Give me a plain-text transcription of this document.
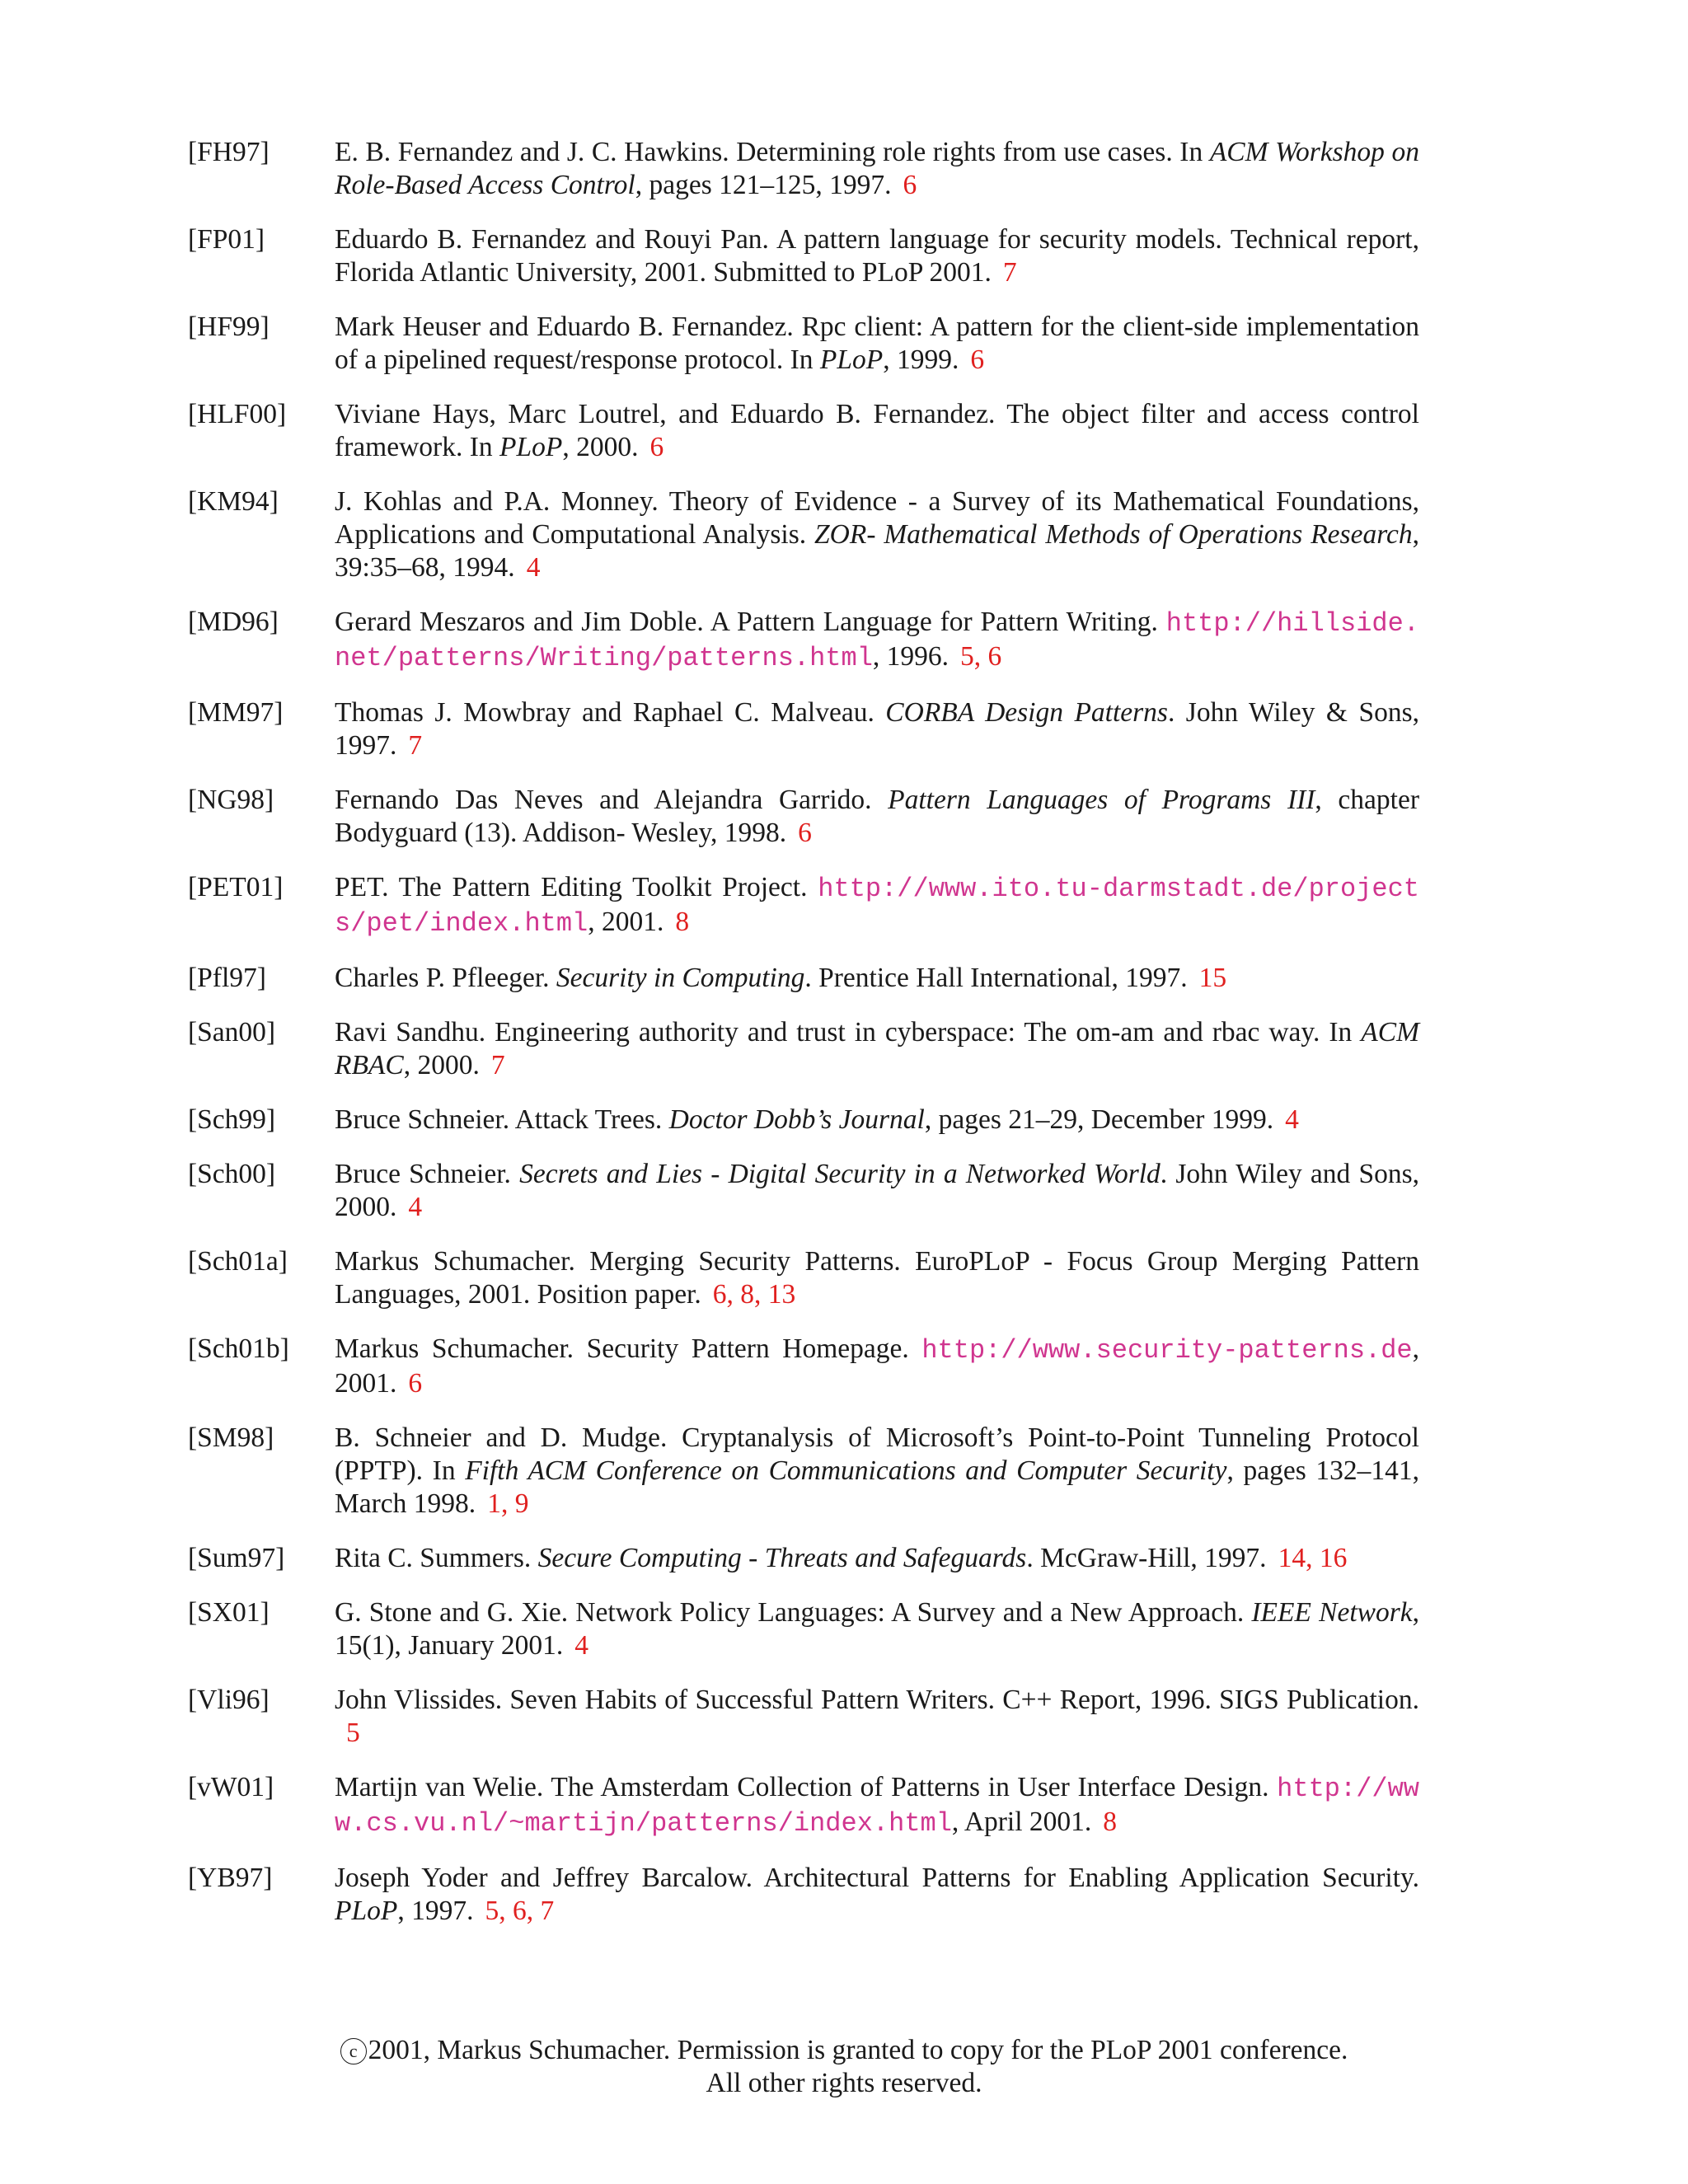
[FH97]	E. B. Fernandez and J. C. Hawkins. Determining role rights from use cases. In ACM Workshop on Role-Based Access Control, pages 121–125, 1997. 6
[FP01]	Eduardo B. Fernandez and Rouyi Pan. A pattern language for security models. Technical report, Florida Atlantic University, 2001. Submitted to PLoP 2001. 7
[HF99]	Mark Heuser and Eduardo B. Fernandez. Rpc client: A pattern for the client-side implementation of a pipelined request/response protocol. In PLoP, 1999. 6
[HLF00]	Viviane Hays, Marc Loutrel, and Eduardo B. Fernandez. The object filter and access control framework. In PLoP, 2000. 6
[KM94]	J. Kohlas and P.A. Monney. Theory of Evidence - a Survey of its Mathematical Foundations, Applications and Computational Analysis. ZOR- Mathematical Methods of Operations Research, 39:35–68, 1994. 4
[MD96]	Gerard Meszaros and Jim Doble. A Pattern Language for Pattern Writing. http://hillside.net/patterns/Writing/patterns.html, 1996. 5, 6
[MM97]	Thomas J. Mowbray and Raphael C. Malveau. CORBA Design Patterns. John Wiley & Sons, 1997. 7
[NG98]	Fernando Das Neves and Alejandra Garrido. Pattern Languages of Programs III, chapter Bodyguard (13). Addison- Wesley, 1998. 6
[PET01]	PET. The Pattern Editing Toolkit Project. http://www.ito.tu-darmstadt.de/projects/pet/index.html, 2001. 8
[Pfl97]	Charles P. Pfleeger. Security in Computing. Prentice Hall International, 1997. 15
[San00]	Ravi Sandhu. Engineering authority and trust in cyberspace: The om-am and rbac way. In ACM RBAC, 2000. 7
[Sch99]	Bruce Schneier. Attack Trees. Doctor Dobb’s Journal, pages 21–29, December 1999. 4
[Sch00]	Bruce Schneier. Secrets and Lies - Digital Security in a Networked World. John Wiley and Sons, 2000. 4
[Sch01a]	Markus Schumacher. Merging Security Patterns. EuroPLoP - Focus Group Merging Pattern Languages, 2001. Position paper. 6, 8, 13
[Sch01b]	Markus Schumacher. Security Pattern Homepage. http://www.security-patterns.de, 2001. 6
[SM98]	B. Schneier and D. Mudge. Cryptanalysis of Microsoft’s Point-to-Point Tunneling Protocol (PPTP). In Fifth ACM Conference on Communications and Computer Security, pages 132–141, March 1998. 1, 9
[Sum97]	Rita C. Summers. Secure Computing - Threats and Safeguards. McGraw-Hill, 1997. 14, 16
[SX01]	G. Stone and G. Xie. Network Policy Languages: A Survey and a New Approach. IEEE Network, 15(1), January 2001. 4
[Vli96]	John Vlissides. Seven Habits of Successful Pattern Writers. C++ Report, 1996. SIGS Publication.5
[vW01]	Martijn van Welie. The Amsterdam Collection of Patterns in User Interface Design. http://www.cs.vu.nl/~martijn/patterns/index.html, April 2001. 8
[YB97]	Joseph Yoder and Jeffrey Barcalow. Architectural Patterns for Enabling Application Security. PLoP, 1997. 5, 6, 7
c 2001, Markus Schumacher. Permission is granted to copy for the PLoP 2001 conference.
All other rights reserved.
